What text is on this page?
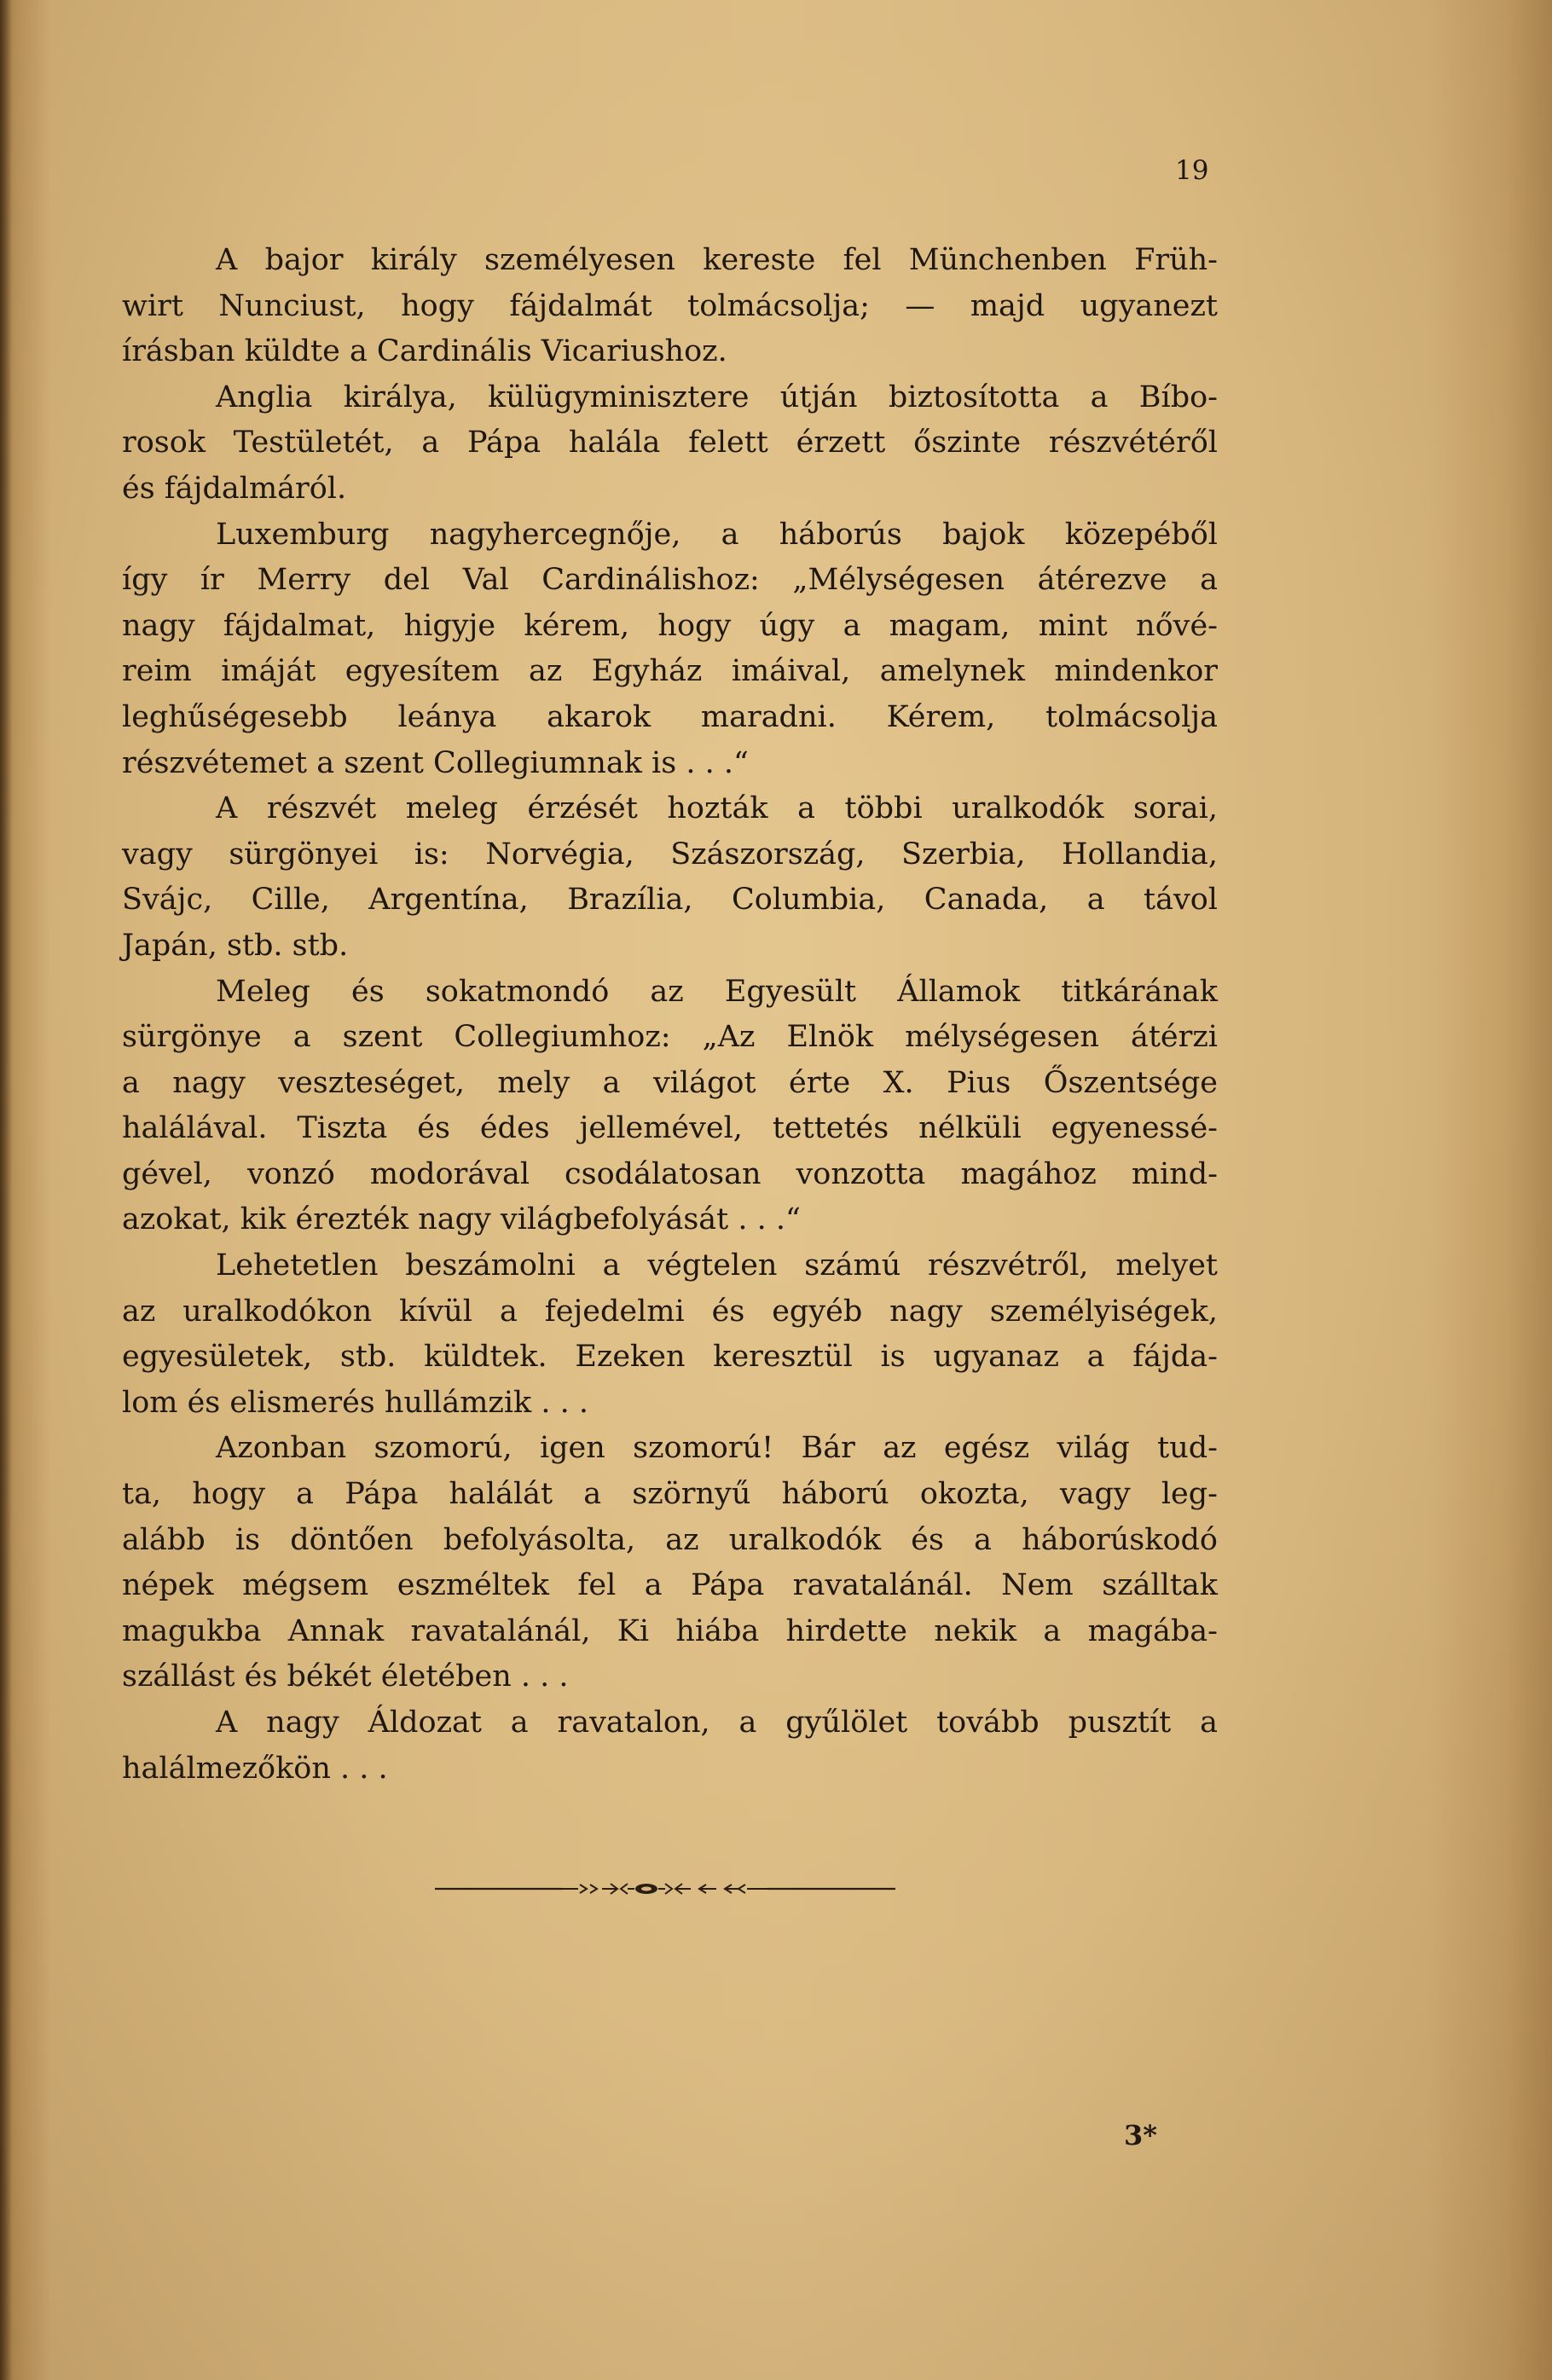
19
A bajor király személyesen kereste fel Münchenben Früh-
wirt Nunciust, hogy fájdalmát tolmácsolja; — majd ugyanezt
írásban küldte a Cardinális Vicariushoz.
Anglia királya, külügyminisztere útján biztosította a Bíbo-
rosok Testületét, a Pápa halála felett érzett őszinte részvétéről
és fájdalmáról.
Luxemburg nagyhercegnője, a háborús bajok közepéből
így ír Merry del Val Cardinálishoz: „Mélységesen átérezve a
nagy fájdalmat, higyje kérem, hogy úgy a magam, mint nővé-
reim imáját egyesítem az Egyház imáival, amelynek mindenkor
leghűségesebb leánya akarok maradni. Kérem, tolmácsolja
részvétemet a szent Collegiumnak is . . .“
A részvét meleg érzését hozták a többi uralkodók sorai,
vagy sürgönyei is: Norvégia, Szászország, Szerbia, Hollandia,
Svájc, Cille, Argentína, Brazília, Columbia, Canada, a távol
Japán, stb. stb.
Meleg és sokatmondó az Egyesült Államok titkárának
sürgönye a szent Collegiumhoz: „Az Elnök mélységesen átérzi
a nagy veszteséget, mely a világot érte X. Pius Őszentsége
halálával. Tiszta és édes jellemével, tettetés nélküli egyenessé-
gével, vonzó modorával csodálatosan vonzotta magához mind-
azokat, kik érezték nagy világbefolyását . . .“
Lehetetlen beszámolni a végtelen számú részvétről, melyet
az uralkodókon kívül a fejedelmi és egyéb nagy személyiségek,
egyesületek, stb. küldtek. Ezeken keresztül is ugyanaz a fájda-
lom és elismerés hullámzik . . .
Azonban szomorú, igen szomorú! Bár az egész világ tud-
ta, hogy a Pápa halálát a szörnyű háború okozta, vagy leg-
alább is döntően befolyásolta, az uralkodók és a háborúskodó
népek mégsem eszméltek fel a Pápa ravatalánál. Nem szálltak
magukba Annak ravatalánál, Ki hiába hirdette nekik a magába-
szállást és békét életében . . .
A nagy Áldozat a ravatalon, a gyűlölet tovább pusztít a
halálmezőkön . . .
3*
